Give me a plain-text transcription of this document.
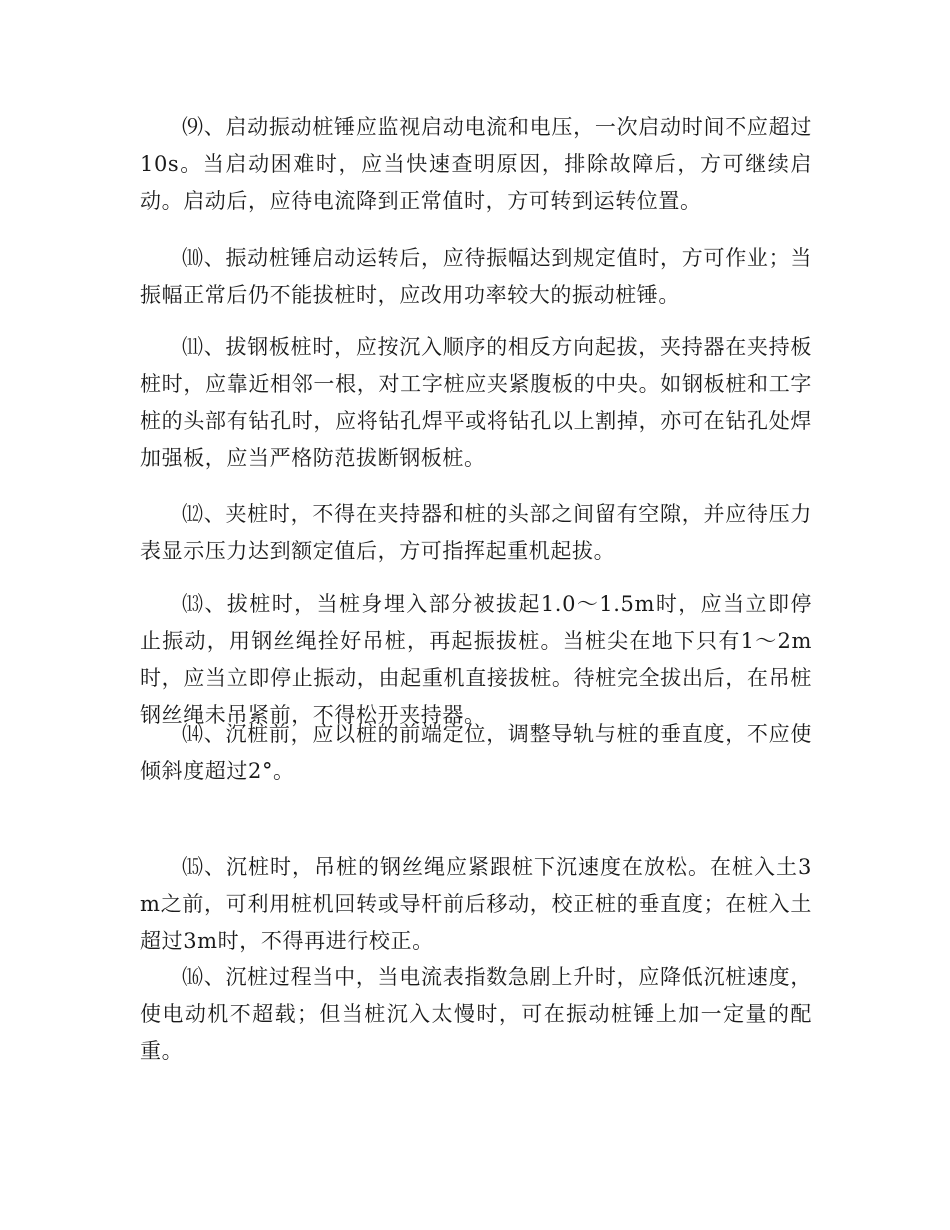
⑼、启动振动桩锤应监视启动电流和电压，一次启动时间不应超过10s。当启动困难时，应当快速查明原因，排除故障后，方可继续启动。启动后，应待电流降到正常值时，方可转到运转位置。

⑽、振动桩锤启动运转后，应待振幅达到规定值时，方可作业；当振幅正常后仍不能拔桩时，应改用功率较大的振动桩锤。

⑾、拔钢板桩时，应按沉入顺序的相反方向起拔，夹持器在夹持板桩时，应靠近相邻一根，对工字桩应夹紧腹板的中央。如钢板桩和工字桩的头部有钻孔时，应将钻孔焊平或将钻孔以上割掉，亦可在钻孔处焊加强板，应当严格防范拔断钢板桩。

⑿、夹桩时，不得在夹持器和桩的头部之间留有空隙，并应待压力表显示压力达到额定值后，方可指挥起重机起拔。

⒀、拔桩时，当桩身埋入部分被拔起1.0～1.5m时，应当立即停止振动，用钢丝绳拴好吊桩，再起振拔桩。当桩尖在地下只有1～2m时，应当立即停止振动，由起重机直接拔桩。待桩完全拔出后，在吊桩钢丝绳未吊紧前，不得松开夹持器。

⒁、沉桩前，应以桩的前端定位，调整导轨与桩的垂直度，不应使倾斜度超过2°。

⒂、沉桩时，吊桩的钢丝绳应紧跟桩下沉速度在放松。在桩入土3m之前，可利用桩机回转或导杆前后移动，校正桩的垂直度；在桩入土超过3m时，不得再进行校正。

⒃、沉桩过程当中，当电流表指数急剧上升时，应降低沉桩速度，使电动机不超载；但当桩沉入太慢时，可在振动桩锤上加一定量的配重。
